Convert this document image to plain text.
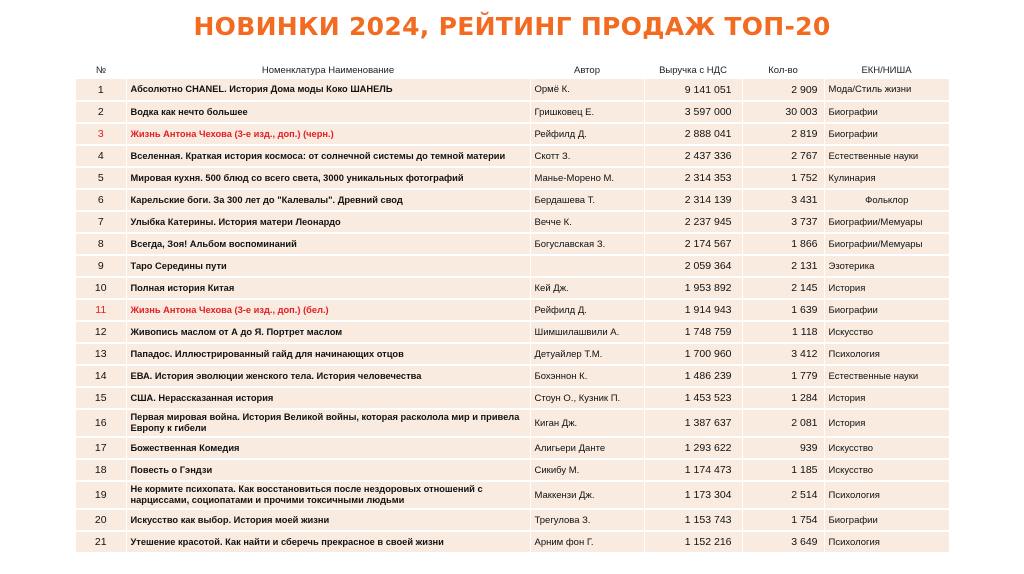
НОВИНКИ 2024, РЕЙТИНГ ПРОДАЖ ТОП-20
№	Номенклатура Наименование	Автор	Выручка с НДС	Кол-во	ЕКН/НИША
1	Абсолютно CHANEL. История Дома моды Коко ШАНЕЛЬ	Ормё К.	9 141 051	2 909	Мода/Стиль жизни
2	Водка как нечто большее	Гришковец Е.	3 597 000	30 003	Биографии
3	Жизнь Антона Чехова (3-е изд., доп.) (черн.)	Рейфилд Д.	2 888 041	2 819	Биографии
4	Вселенная. Краткая история космоса: от солнечной системы до темной материи	Скотт З.	2 437 336	2 767	Естественные науки
5	Мировая кухня. 500 блюд со всего света, 3000 уникальных фотографий	Манье-Морено М.	2 314 353	1 752	Кулинария
6	Карельские боги. За 300 лет до "Калевалы". Древний свод	Бердашева Т.	2 314 139	3 431	Фольклор
7	Улыбка Катерины. История матери Леонардо	Вечче К.	2 237 945	3 737	Биографии/Мемуары
8	Всегда, Зоя! Альбом воспоминаний	Богуславская З.	2 174 567	1 866	Биографии/Мемуары
9	Таро Середины пути		2 059 364	2 131	Эзотерика
10	Полная история Китая	Кей Дж.	1 953 892	2 145	История
11	Жизнь Антона Чехова (3-е изд., доп.) (бел.)	Рейфилд Д.	1 914 943	1 639	Биографии
12	Живопись маслом от А до Я. Портрет маслом	Шимшилашвили А.	1 748 759	1 118	Искусство
13	Пападос. Иллюстрированный гайд для начинающих отцов	Детуайлер Т.М.	1 700 960	3 412	Психология
14	ЕВА. История эволюции женского тела. История человечества	Бохэннон К.	1 486 239	1 779	Естественные науки
15	США. Нерассказанная история	Стоун О., Кузник П.	1 453 523	1 284	История
16	Первая мировая война. История Великой войны, которая расколола мир и привела Европу к гибели	Киган Дж.	1 387 637	2 081	История
17	Божественная Комедия	Алигьери Данте	1 293 622	939	Искусство
18	Повесть о Гэндзи	Сикибу М.	1 174 473	1 185	Искусство
19	Не кормите психопата. Как восстановиться после нездоровых отношений с нарциссами, социопатами и прочими токсичными людьми	Маккензи Дж.	1 173 304	2 514	Психология
20	Искусство как выбор. История моей жизни	Трегулова З.	1 153 743	1 754	Биографии
21	Утешение красотой. Как найти и сберечь прекрасное в своей жизни	Арним фон Г.	1 152 216	3 649	Психология
